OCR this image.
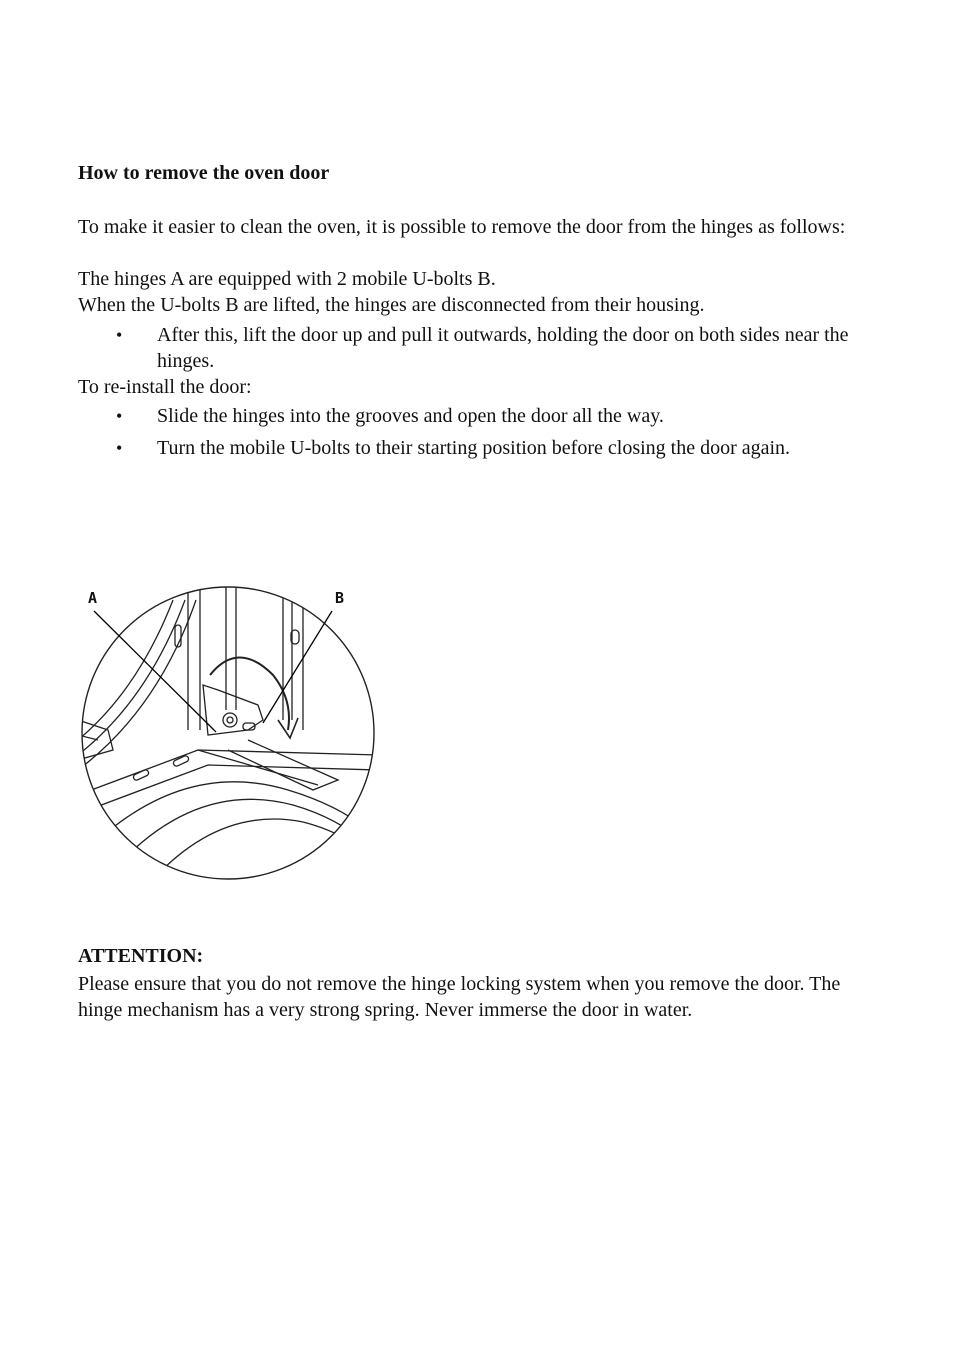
How to remove the oven door

To make it easier to clean the oven, it is possible to remove the door from the hinges as follows:

The hinges A are equipped with 2 mobile U-bolts B.

When the U-bolts B are lifted, the hinges are disconnected from their housing.

• After this, lift the door up and pull it outwards, holding the door on both sides near the hinges.

To re-install the door:

• Slide the hinges into the grooves and open the door all the way.
• Turn the mobile U-bolts to their starting position before closing the door again.
A	B

ATTENTION:

Please ensure that you do not remove the hinge locking system when you remove the door. The hinge mechanism has a very strong spring. Never immerse the door in water.
